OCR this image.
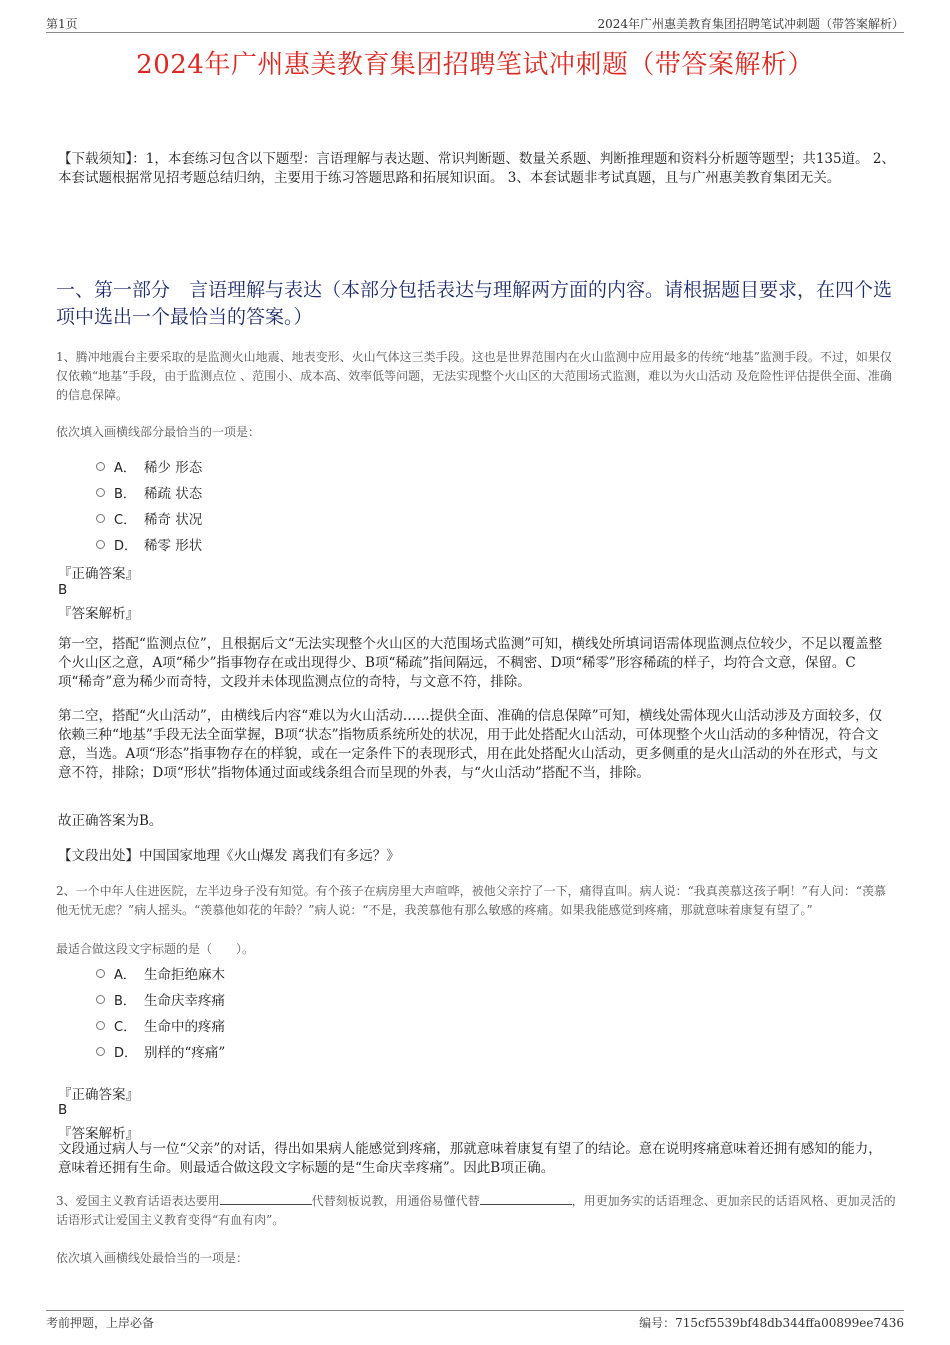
第1页	2024年广州惠美教育集团招聘笔试冲刺题（带答案解析）
2024年广州惠美教育集团招聘笔试冲刺题（带答案解析）
【下载须知】：1，本套练习包含以下题型：言语理解与表达题、常识判断题、数量关系题、判断推理题和资料分析题等题型；共135道。 2、本套试题根据常见招考题总结归纳，主要用于练习答题思路和拓展知识面。 3、本套试题非考试真题，且与广州惠美教育集团无关。
一、第一部分　言语理解与表达（本部分包括表达与理解两方面的内容。请根据题目要求，在四个选项中选出一个最恰当的答案。）
1、腾冲地震台主要采取的是监测火山地震、地表变形、火山气体这三类手段。这也是世界范围内在火山监测中应用最多的传统“地基”监测手段。不过，如果仅仅依赖“地基”手段，由于监测点位 、范围小、成本高、效率低等问题，无法实现整个火山区的大范围场式监测，难以为火山活动 及危险性评估提供全面、准确的信息保障。
依次填入画横线部分最恰当的一项是：
A． 稀少 形态
B． 稀疏 状态
C． 稀奇 状况
D． 稀零 形状
『正确答案』
B
『答案解析』
第一空，搭配“监测点位”，且根据后文“无法实现整个火山区的大范围场式监测”可知，横线处所填词语需体现监测点位较少，不足以覆盖整个火山区之意，A项“稀少”指事物存在或出现得少、B项“稀疏”指间隔远，不稠密、D项“稀零”形容稀疏的样子，均符合文意，保留。C项“稀奇”意为稀少而奇特，文段并未体现监测点位的奇特，与文意不符，排除。
第二空，搭配“火山活动”，由横线后内容“难以为火山活动……提供全面、准确的信息保障”可知，横线处需体现火山活动涉及方面较多，仅依赖三种“地基”手段无法全面掌握，B项“状态”指物质系统所处的状况，用于此处搭配火山活动，可体现整个火山活动的多种情况，符合文意，当选。A项“形态”指事物存在的样貌，或在一定条件下的表现形式，用在此处搭配火山活动，更多侧重的是火山活动的外在形式，与文意不符，排除；D项“形状”指物体通过面或线条组合而呈现的外表，与“火山活动”搭配不当，排除。
故正确答案为B。
【文段出处】中国国家地理《火山爆发 离我们有多远？》
2、一个中年人住进医院，左半边身子没有知觉。有个孩子在病房里大声喧哗，被他父亲拧了一下，痛得直叫。病人说：“我真羡慕这孩子啊！”有人问：“羡慕他无忧无虑？”病人摇头。“羡慕他如花的年龄？”病人说：“不是，我羡慕他有那么敏感的疼痛。如果我能感觉到疼痛，那就意味着康复有望了。”
最适合做这段文字标题的是（　　）。
A． 生命拒绝麻木
B． 生命庆幸疼痛
C． 生命中的疼痛
D． 别样的“疼痛”
『正确答案』
B
『答案解析』
文段通过病人与一位“父亲”的对话，得出如果病人能感觉到疼痛，那就意味着康复有望了的结论。意在说明疼痛意味着还拥有感知的能力，意味着还拥有生命。则最适合做这段文字标题的是“生命庆幸疼痛”。因此B项正确。
3、爱国主义教育话语表达要用	代替刻板说教，用通俗易懂代替	，用更加务实的话语理念、更加亲民的话语风格、更加灵活的话语形式让爱国主义教育变得“有血有肉”。
依次填入画横线处最恰当的一项是：
考前押题，上岸必备	编号：715cf5539bf48db344ffa00899ee7436
